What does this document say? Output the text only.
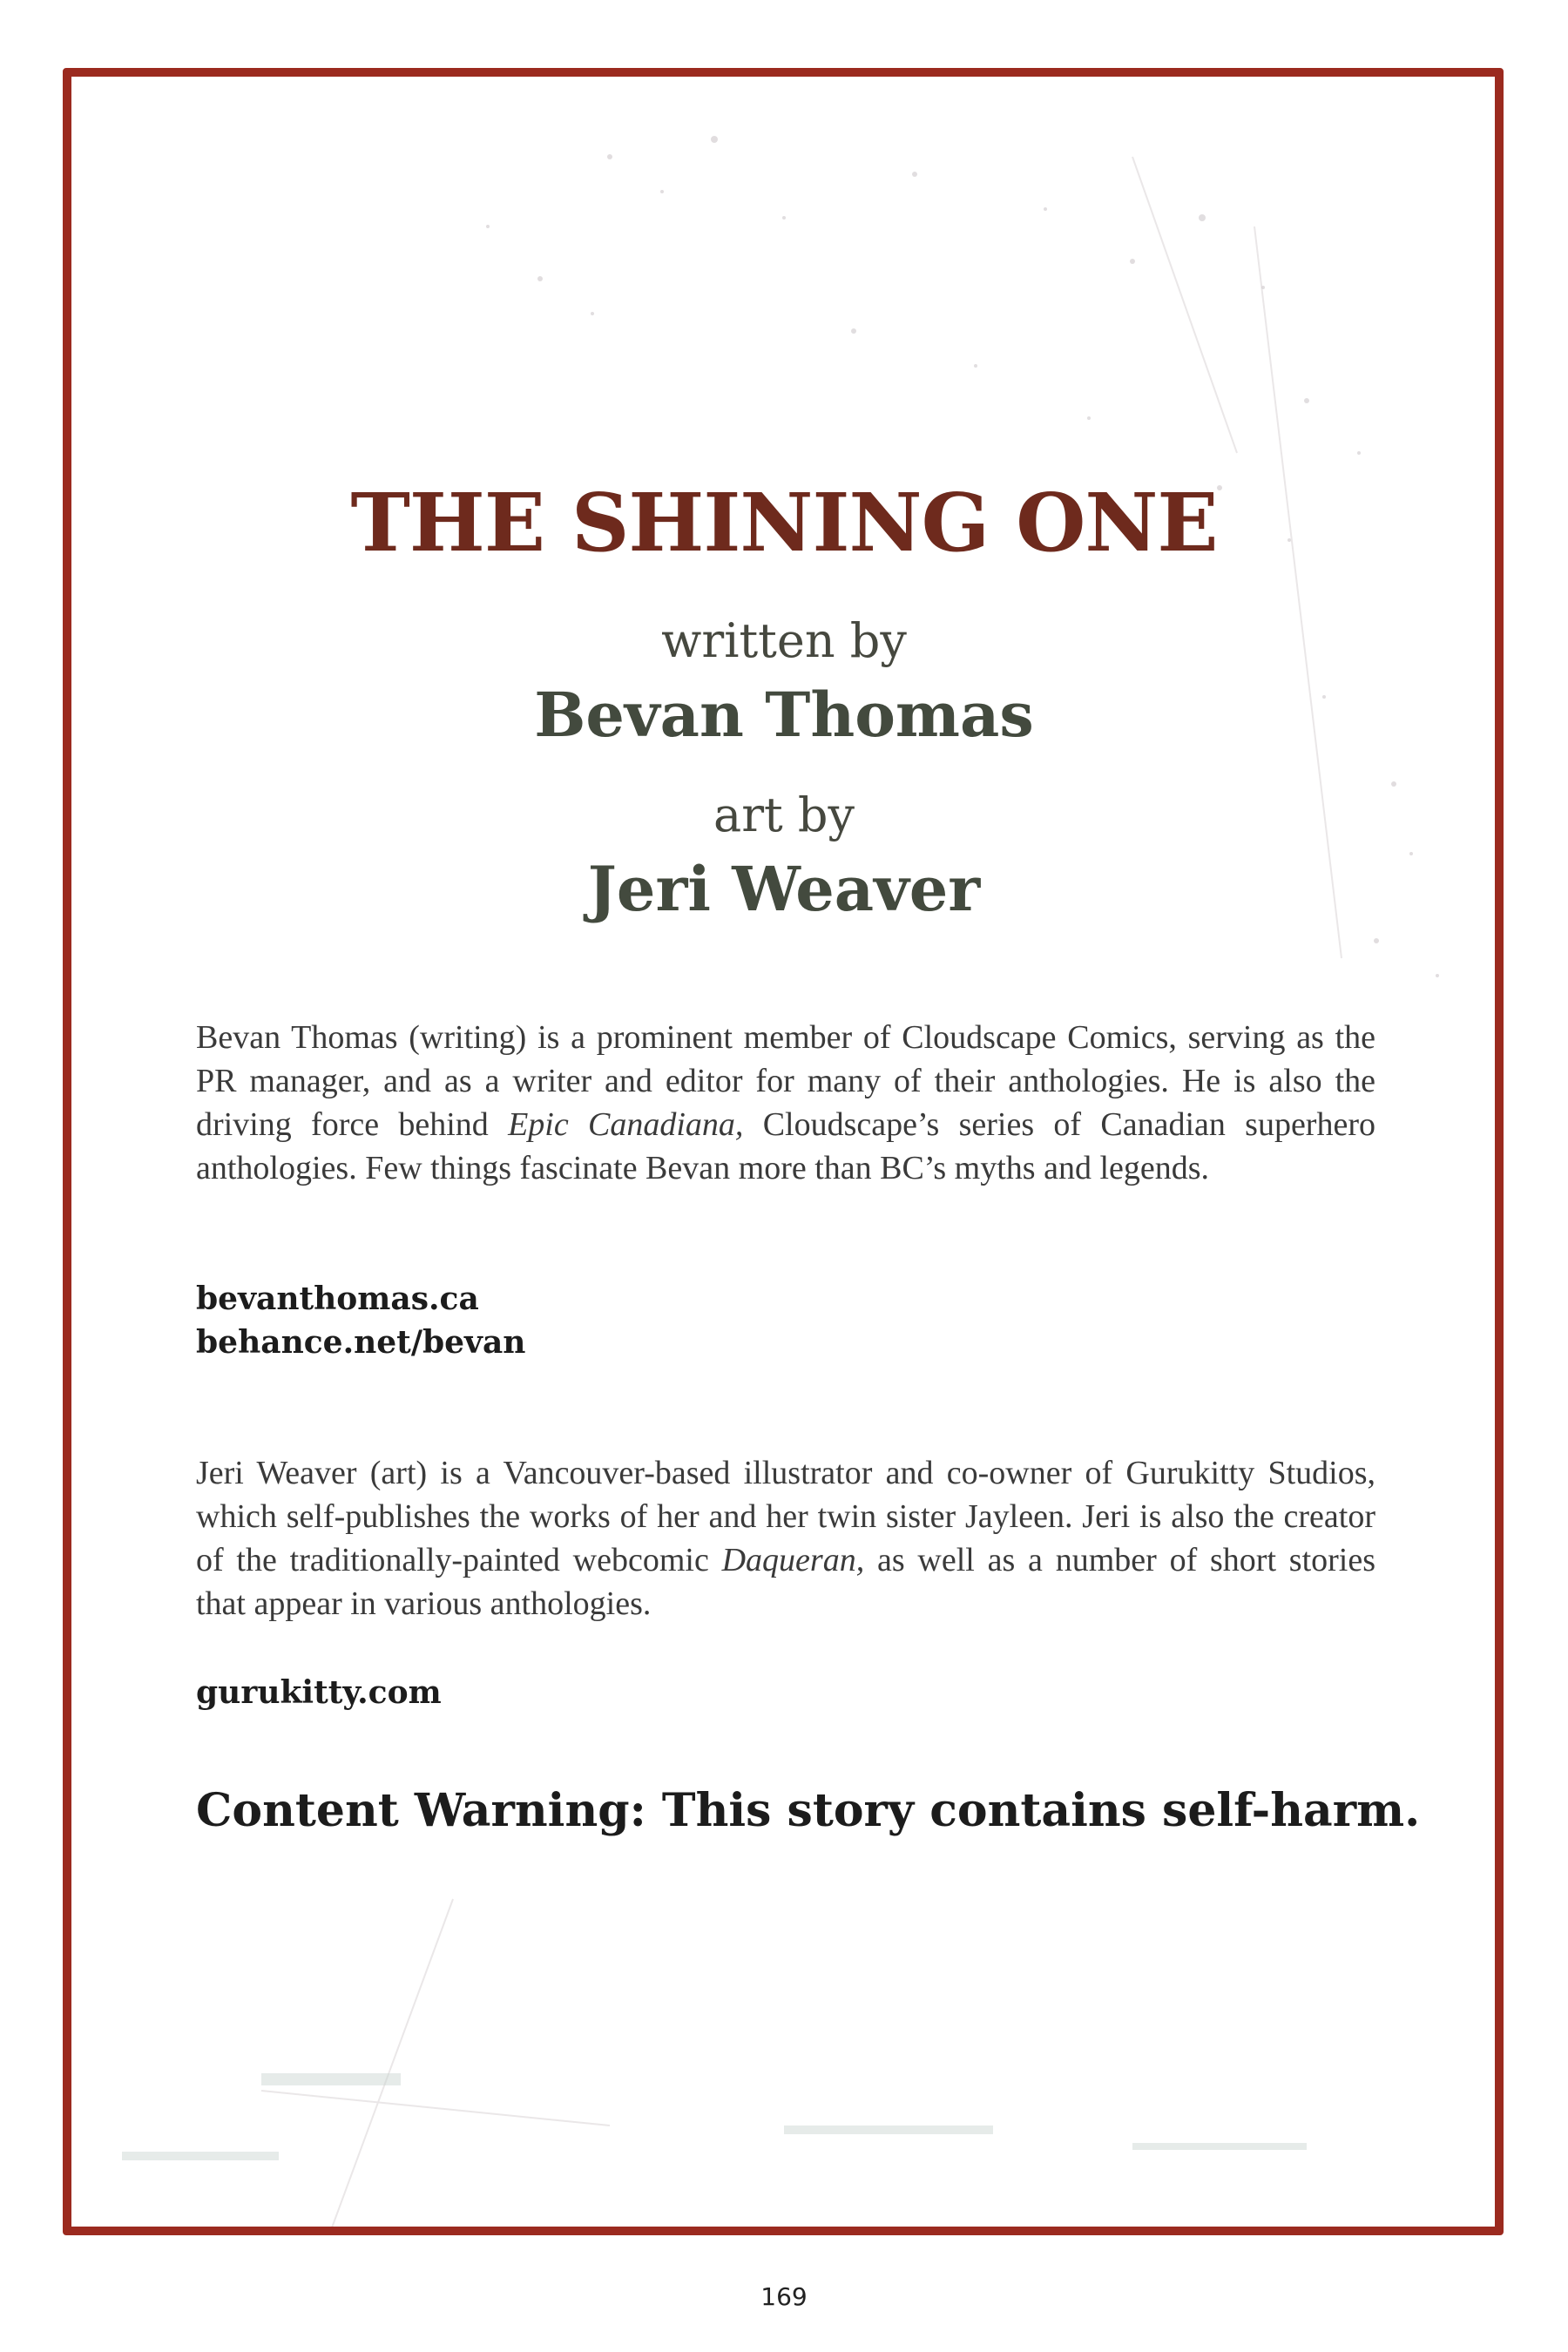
THE SHINING ONE
written by
Bevan Thomas
art by
Jeri Weaver

Bevan Thomas (writing) is a prominent member of Cloudscape Comics, serving as the PR manager, and as a writer and editor for many of their anthologies. He is also the driving force behind Epic Canadiana, Cloudscape’s series of Canadian superhero anthologies. Few things fascinate Bevan more than BC’s myths and legends.

bevanthomas.ca
behance.net/bevan

Jeri Weaver (art) is a Vancouver-based illustrator and co-owner of Gurukitty Studios, which self-publishes the works of her and her twin sister Jayleen. Jeri is also the creator of the traditionally-painted webcomic Daqueran, as well as a number of short stories that appear in various anthologies.

gurukitty.com
Content Warning: This story contains self-harm.
169
